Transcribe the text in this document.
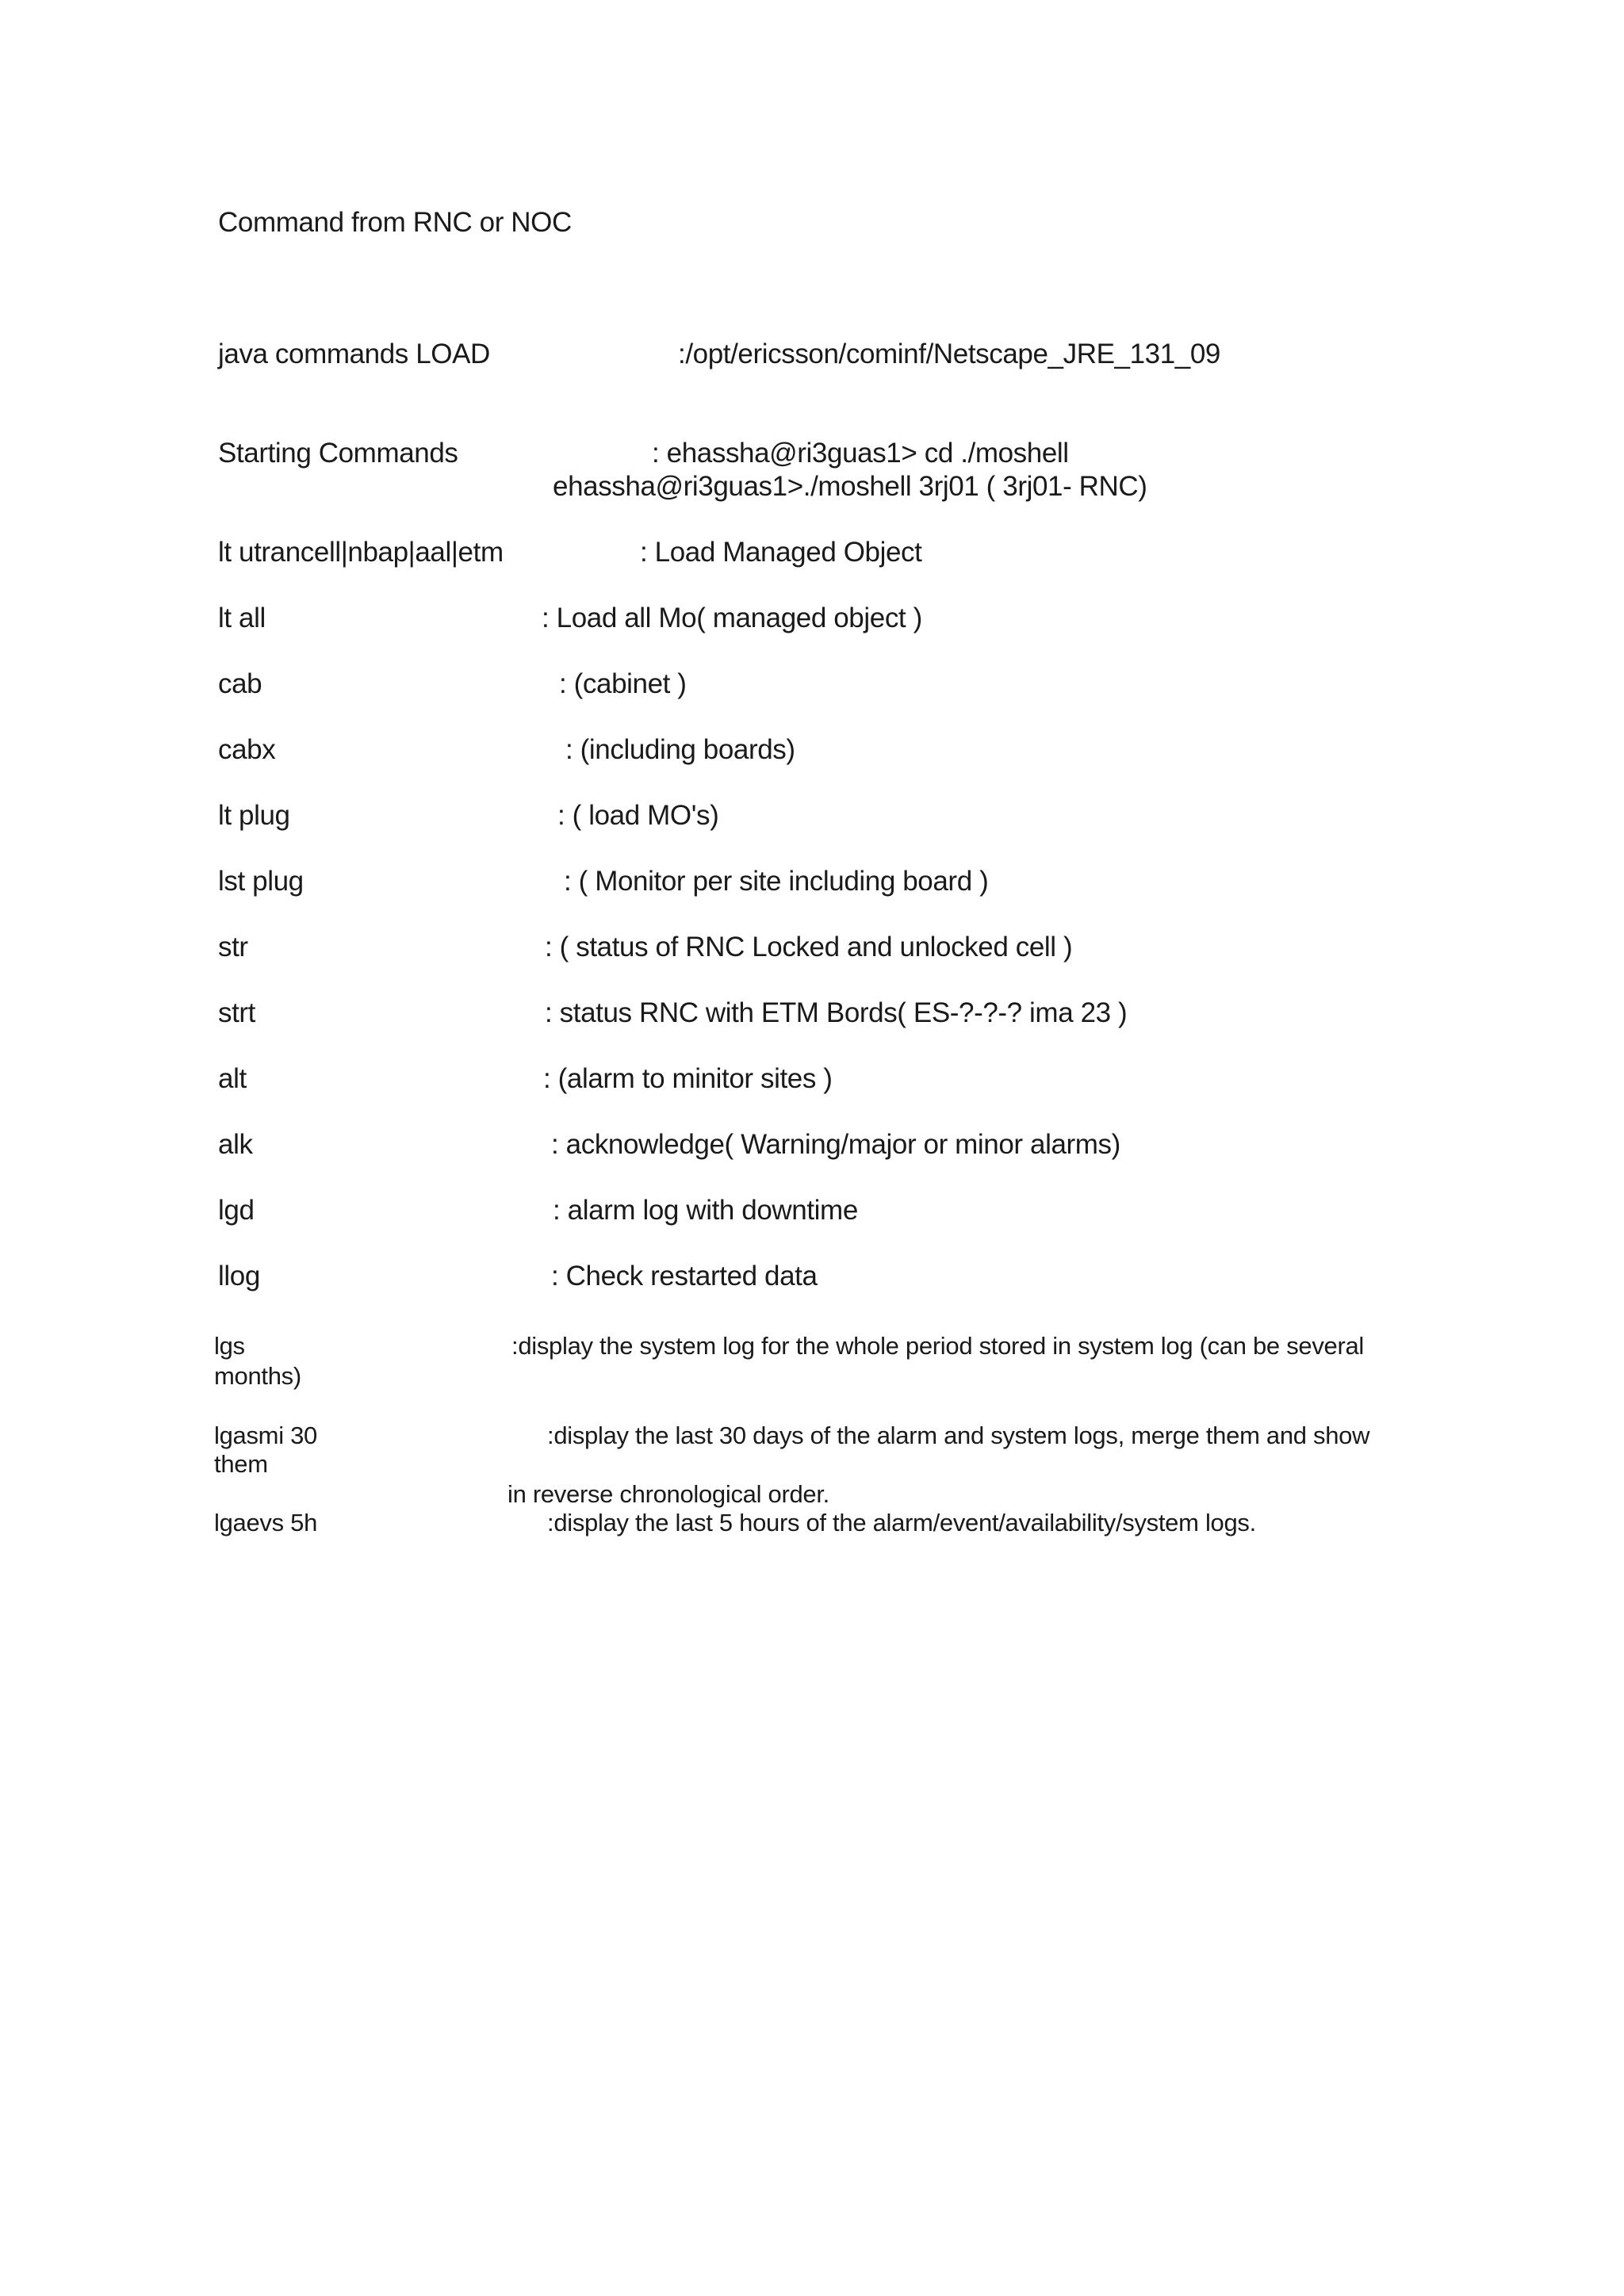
Command from RNC or NOC
java commands LOAD	:/opt/ericsson/cominf/Netscape_JRE_131_09
Starting Commands	: ehassha@ri3guas1> cd ./moshell
ehassha@ri3guas1>./moshell 3rj01 ( 3rj01- RNC)
lt utrancell|nbap|aal|etm	: Load Managed Object
lt all	: Load all Mo( managed object )
cab	: (cabinet )
cabx	: (including boards)
lt plug	: ( load MO's)
lst plug	: ( Monitor per site including board )
str	: ( status of RNC Locked and unlocked cell )
strt	: status RNC with ETM Bords( ES-?-?-? ima 23 )
alt	: (alarm to minitor sites )
alk	: acknowledge( Warning/major or minor alarms)
lgd	: alarm log with downtime
llog	: Check restarted data
lgs	:display the system log for the whole period stored in system log (can be several
months)
lgasmi 30	:display the last 30 days of the alarm and system logs, merge them and show
them
in reverse chronological order.
lgaevs 5h	:display the last 5 hours of the alarm/event/availability/system logs.
